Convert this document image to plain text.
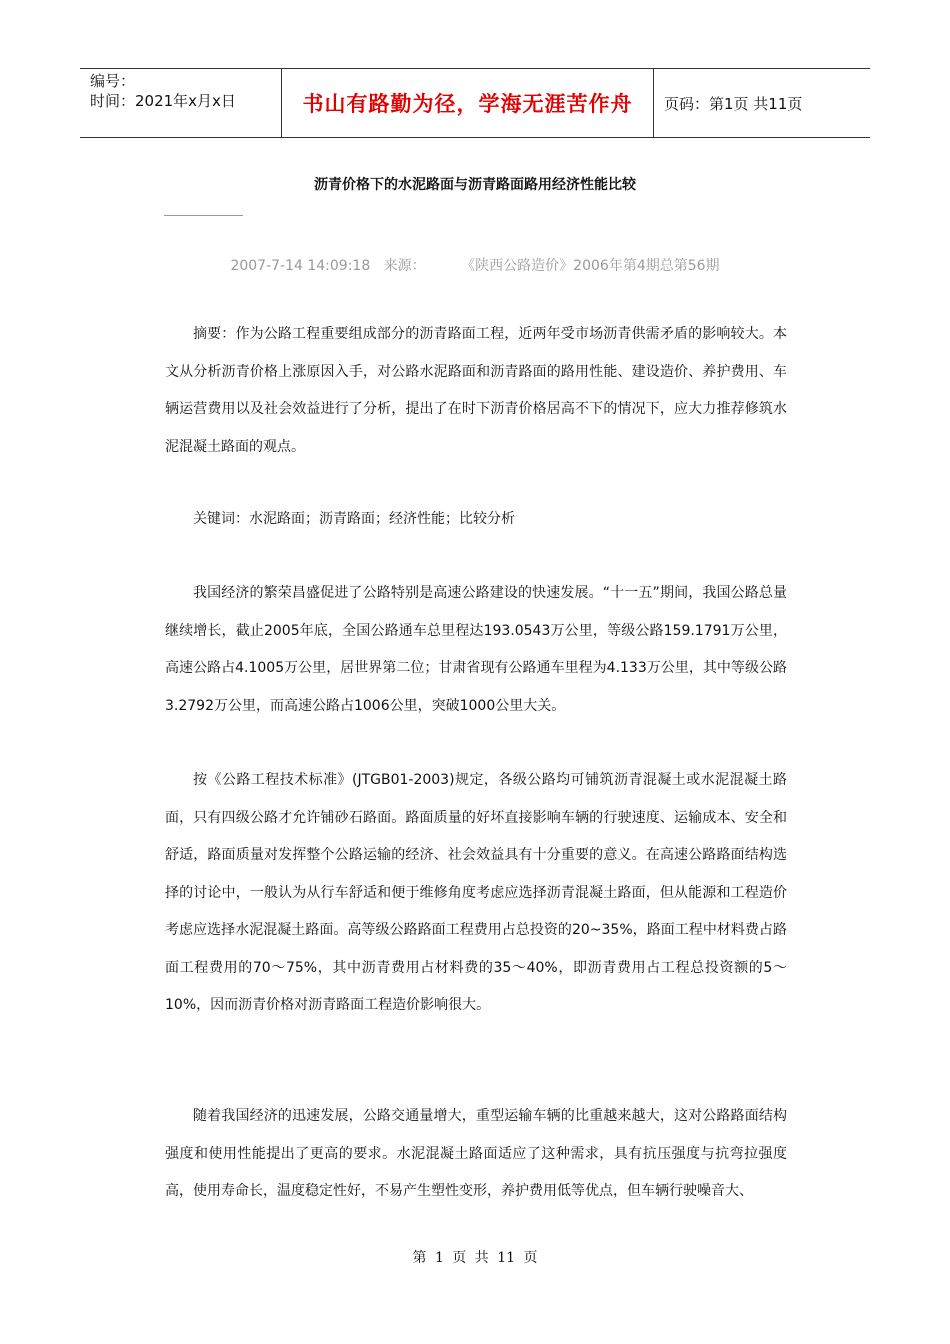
编号：
时间：2021年x月x日	书山有路勤为径，学海无涯苦作舟 页码：第1页 共11页
沥青价格下的水泥路面与沥青路面路用经济性能比较
2007-7-14 14:09:18   来源：        《陕西公路造价》2006年第4期总第56期

摘要：作为公路工程重要组成部分的沥青路面工程，近两年受市场沥青供需矛盾的影响较大。本文从分析沥青价格上涨原因入手，对公路水泥路面和沥青路面的路用性能、建设造价、养护费用、车辆运营费用以及社会效益进行了分析，提出了在时下沥青价格居高不下的情况下，应大力推荐修筑水泥混凝土路面的观点。

关键词：水泥路面；沥青路面；经济性能；比较分析

我国经济的繁荣昌盛促进了公路特别是高速公路建设的快速发展。“十一五”期间，我国公路总量继续增长，截止2005年底，全国公路通车总里程达193.0543万公里，等级公路159.1791万公里，高速公路占4.1005万公里，居世界第二位；甘肃省现有公路通车里程为4.133万公里，其中等级公路3.2792万公里，而高速公路占1006公里，突破1000公里大关。

按《公路工程技术标准》(JTGB01-2003)规定，各级公路均可铺筑沥青混凝土或水泥混凝土路面，只有四级公路才允许铺砂石路面。路面质量的好坏直接影响车辆的行驶速度、运输成本、安全和舒适，路面质量对发挥整个公路运输的经济、社会效益具有十分重要的意义。在高速公路路面结构选择的讨论中，一般认为从行车舒适和便于维修角度考虑应选择沥青混凝土路面，但从能源和工程造价考虑应选择水泥混凝土路面。高等级公路路面工程费用占总投资的20~35%，路面工程中材料费占路面工程费用的70～75%，其中沥青费用占材料费的35～40%，即沥青费用占工程总投资额的5～10%，因而沥青价格对沥青路面工程造价影响很大。

随着我国经济的迅速发展，公路交通量增大，重型运输车辆的比重越来越大，这对公路路面结构强度和使用性能提出了更高的要求。水泥混凝土路面适应了这种需求，具有抗压强度与抗弯拉强度高，使用寿命长，温度稳定性好，不易产生塑性变形，养护费用低等优点，但车辆行驶噪音大、

第 1 页 共 11 页
